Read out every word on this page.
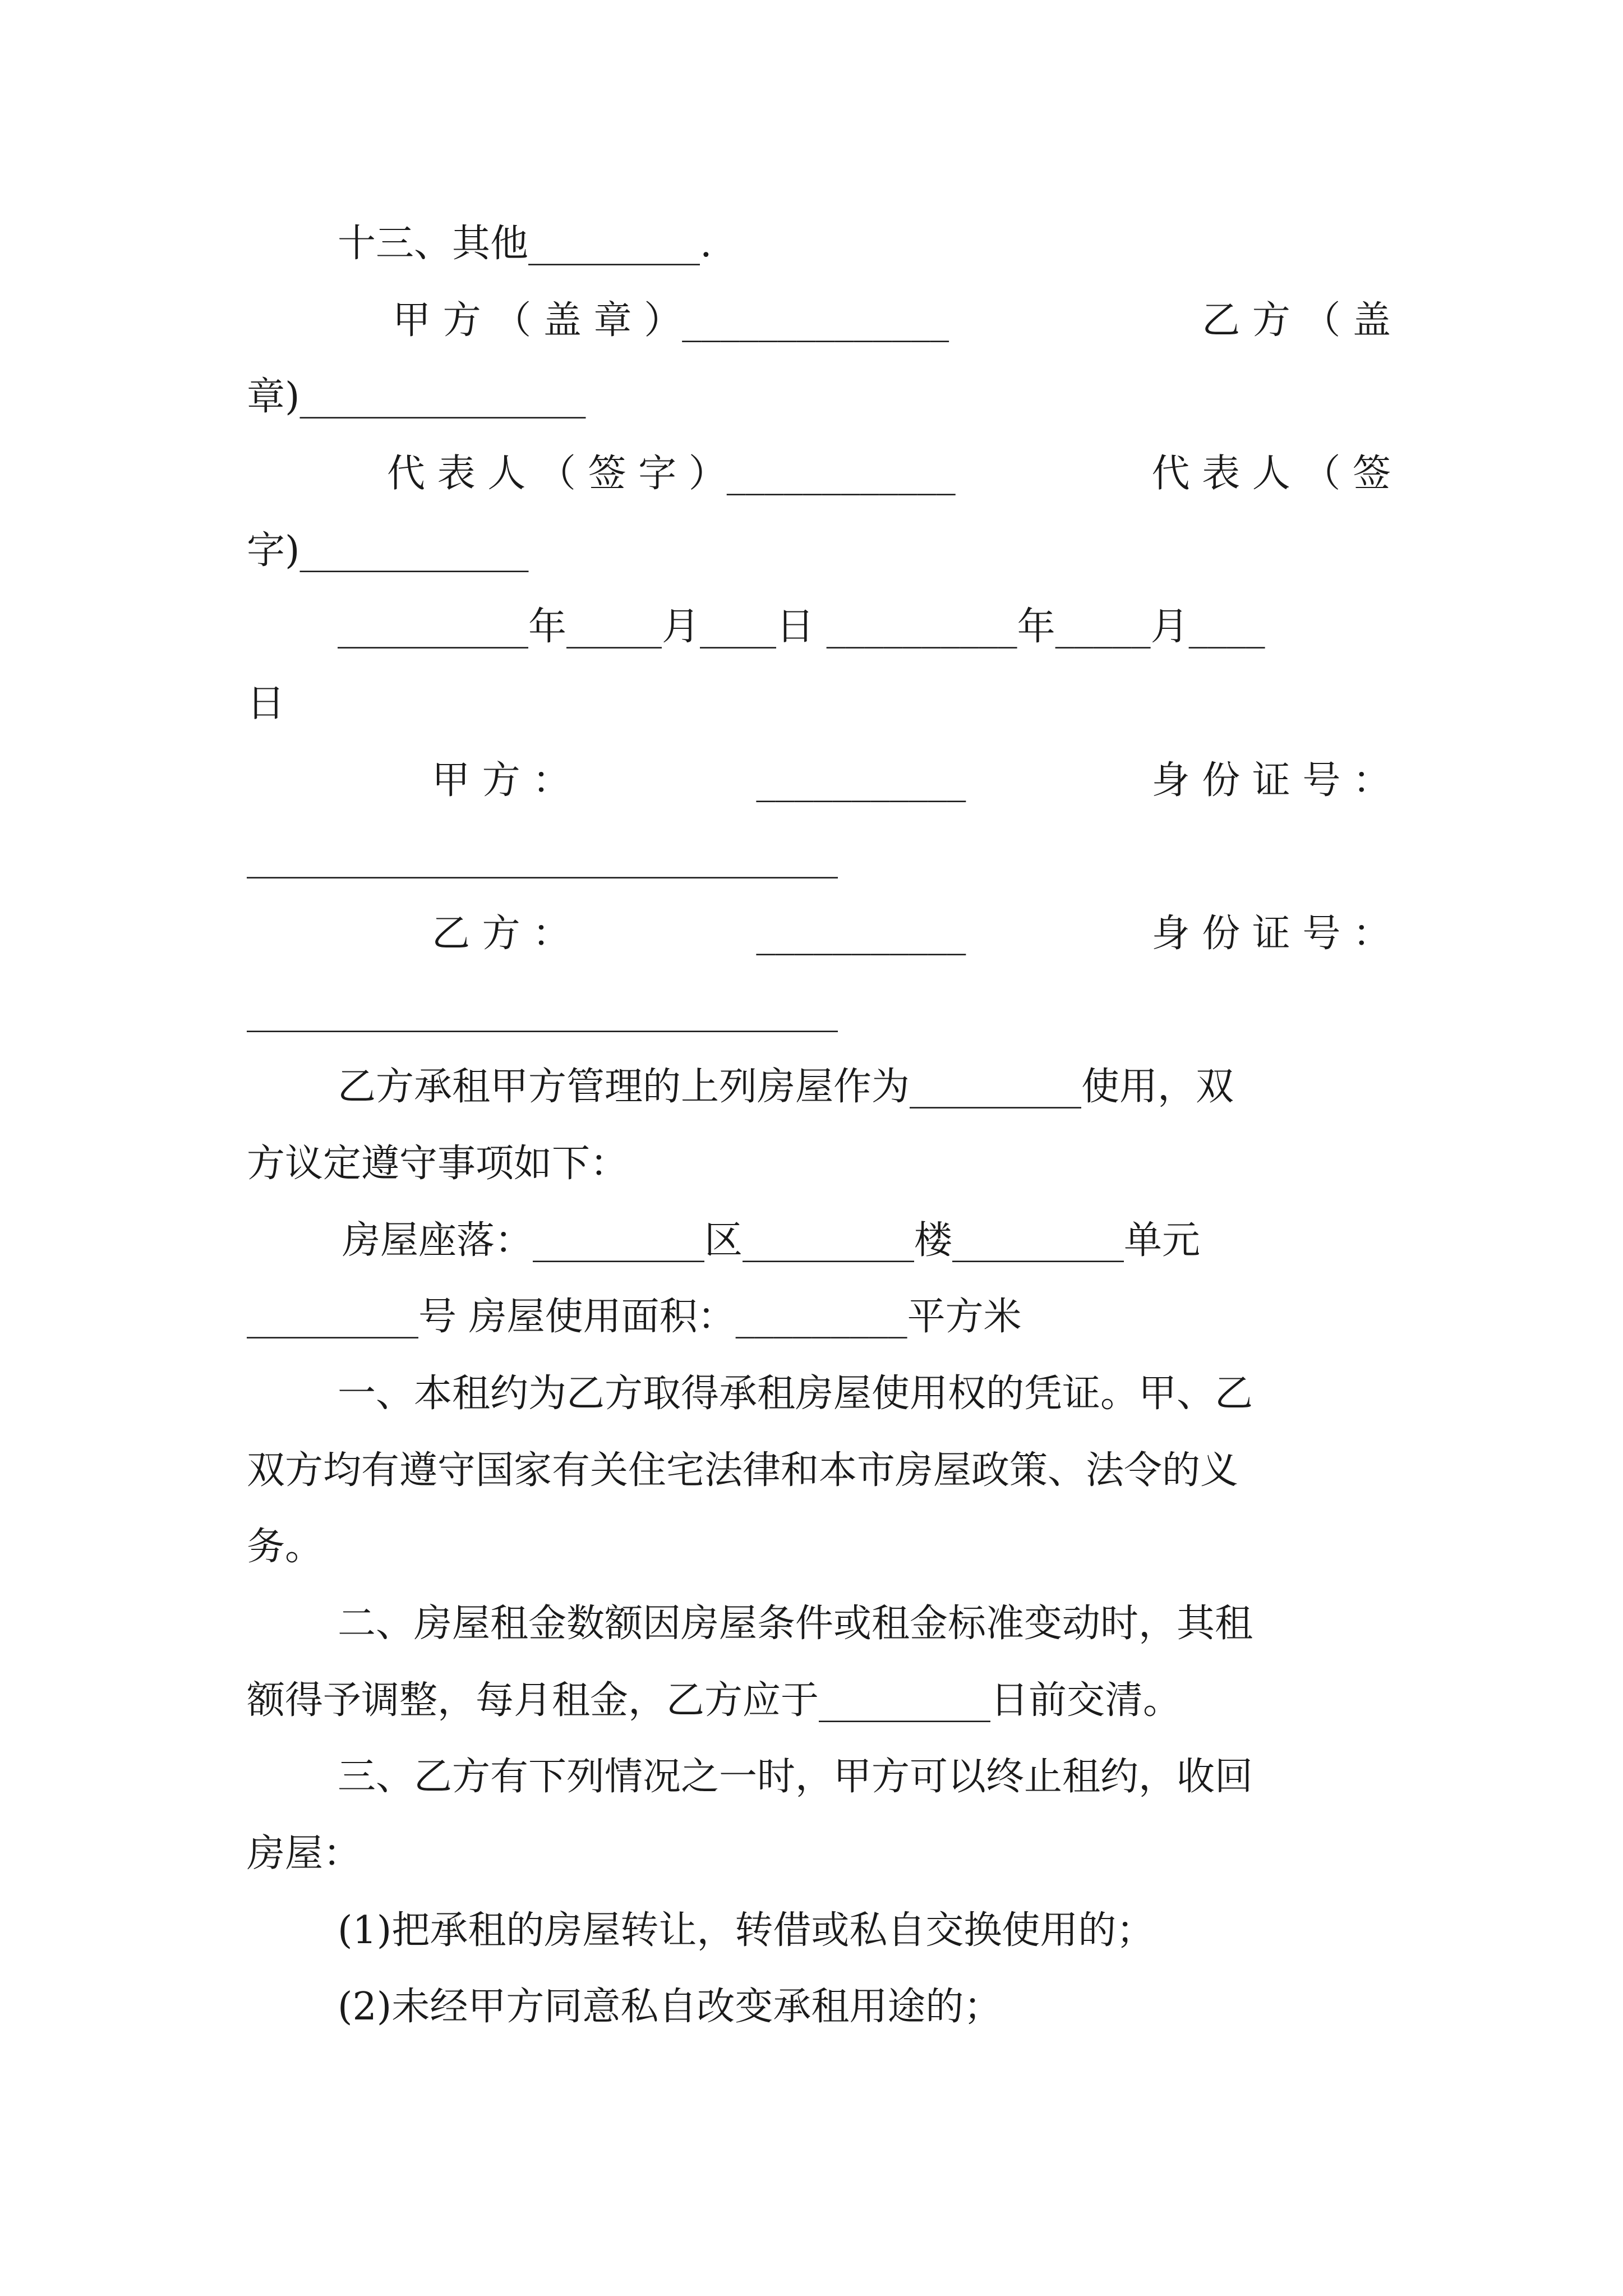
十三、其他_________.

甲 方 （ 盖 章 ）______________	乙 方 （ 盖

章)_______________

代 表 人 （ 签 字 ）____________	代 表 人 （ 签

字)____________

__________年_____月____日 __________年_____月____

日

甲 方 ：	___________	身 份 证 号 ：

_______________________________

乙 方 ：	___________	身 份 证 号 ：

_______________________________

乙方承租甲方管理的上列房屋作为_________使用，双

方议定遵守事项如下：

房屋座落：_________区_________楼_________单元

_________号 房屋使用面积：_________平方米

一、本租约为乙方取得承租房屋使用权的凭证。甲、乙

双方均有遵守国家有关住宅法律和本市房屋政策、法令的义

务。

二、房屋租金数额因房屋条件或租金标准变动时，其租

额得予调整，每月租金，乙方应于_________日前交清。

三、乙方有下列情况之一时，甲方可以终止租约，收回

房屋：

(1)把承租的房屋转让，转借或私自交换使用的；

(2)未经甲方同意私自改变承租用途的；
